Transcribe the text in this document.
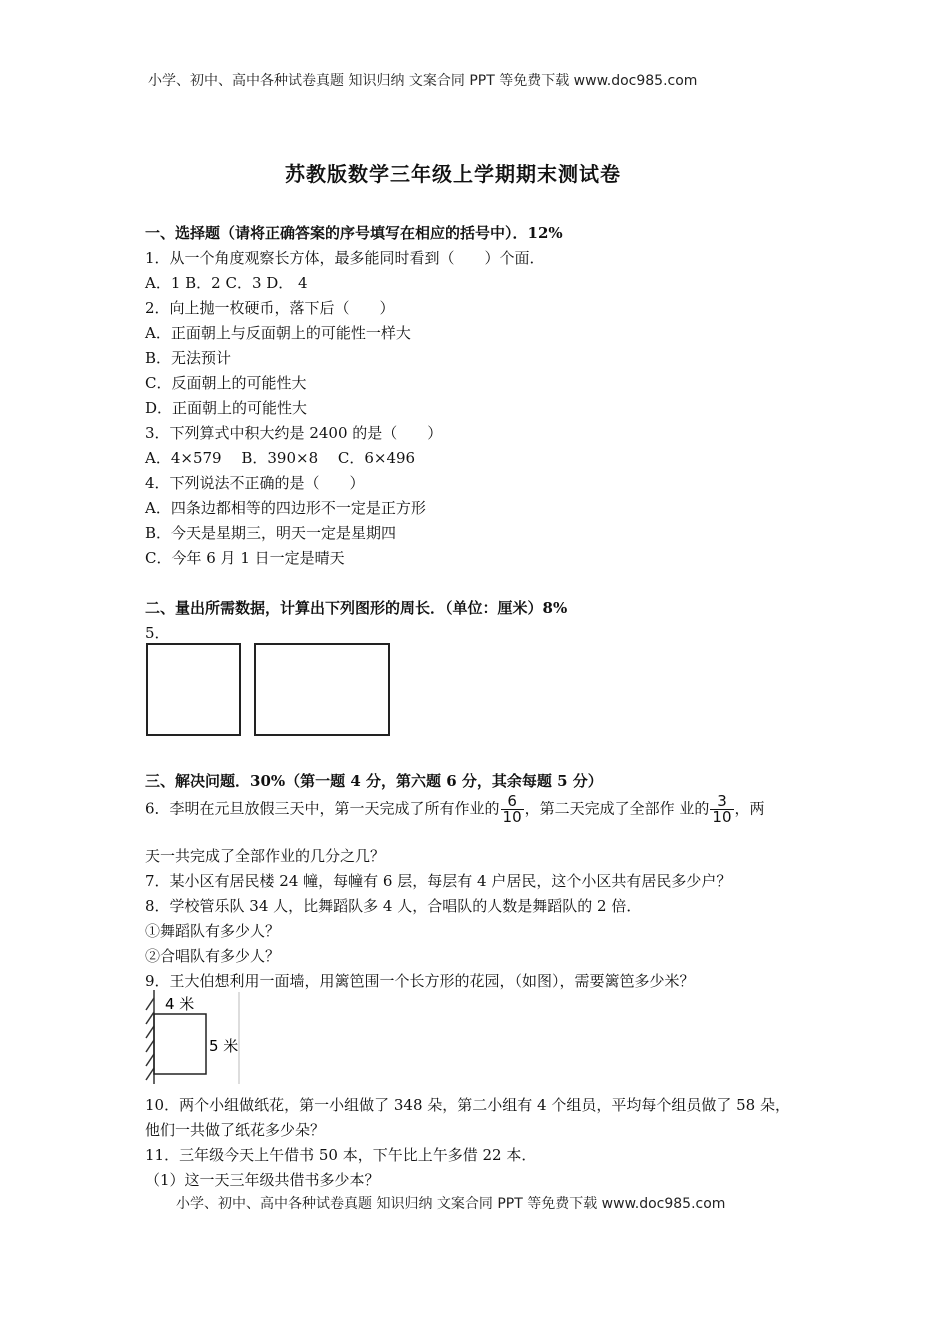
小学、初中、高中各种试卷真题 知识归纳 文案合同 PPT 等免费下载 www.doc985.com
苏教版数学三年级上学期期末测试卷
一、选择题（请将正确答案的序号填写在相应的括号中）．12%
1．从一个角度观察长方体，最多能同时看到（　　）个面．
A．1 B．2 C．3 D． 4
2．向上抛一枚硬币，落下后（　　）
A．正面朝上与反面朝上的可能性一样大
B．无法预计
C．反面朝上的可能性大
D．正面朝上的可能性大
3．下列算式中积大约是 2400 的是（　　）
A．4×579　 B．390×8　 C．6×496
4．下列说法不正确的是（　　）
A．四条边都相等的四边形不一定是正方形
B．今天是星期三，明天一定是星期四
C．今年 6 月 1 日一定是晴天
二、量出所需数据，计算出下列图形的周长．（单位：厘米）8%
5．
三、解决问题．30%（第一题 4 分，第六题 6 分，其余每题 5 分）
6．李明在元旦放假三天中，第一天完成了所有作业的 $\frac{6}{10}$ ，第二天完成了全部作 业的 $\frac{3}{10}$ ，两
天一共完成了全部作业的几分之几？
7．某小区有居民楼 24 幢，每幢有 6 层，每层有 4 户居民，这个小区共有居民多少户？
8．学校管乐队 34 人，比舞蹈队多 4 人，合唱队的人数是舞蹈队的 2 倍．
①舞蹈队有多少人？
②合唱队有多少人？
9．王大伯想利用一面墙，用篱笆围一个长方形的花园，（如图），需要篱笆多少米？
4 米
5 米
10．两个小组做纸花，第一小组做了 348 朵，第二小组有 4 个组员，平均每个组员做了 58 朵，
他们一共做了纸花多少朵？
11．三年级今天上午借书 50 本，下午比上午多借 22 本．
（1）这一天三年级共借书多少本？
小学、初中、高中各种试卷真题 知识归纳 文案合同 PPT 等免费下载 www.doc985.com
